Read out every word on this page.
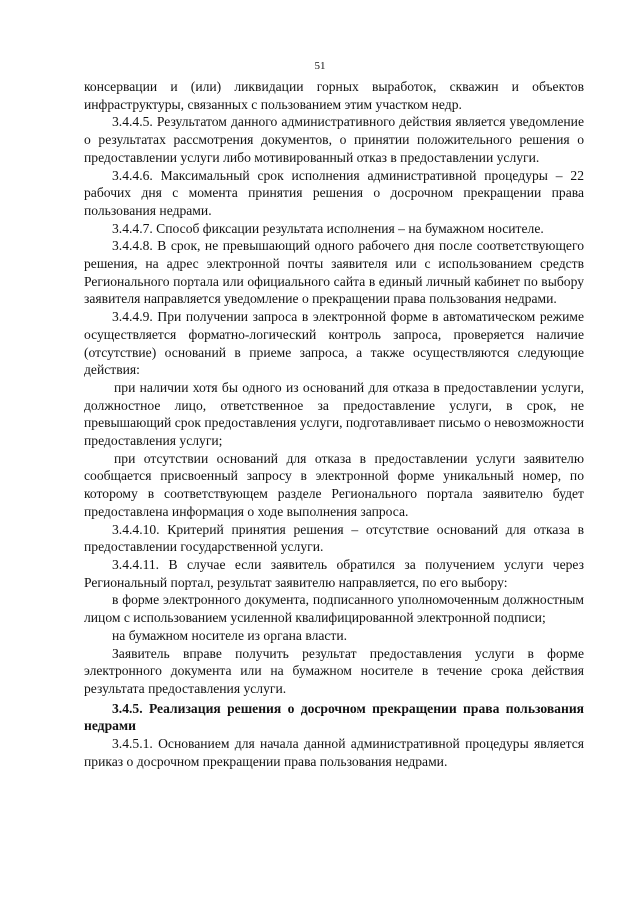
51

консервации и (или) ликвидации горных выработок, скважин и объектов инфраструктуры, связанных с пользованием этим участком недр.

3.4.4.5. Результатом данного административного действия является уведомление о результатах рассмотрения документов, о принятии положительного решения о предоставлении услуги либо мотивированный отказ в предоставлении услуги.

3.4.4.6. Максимальный срок исполнения административной процедуры – 22 рабочих дня с момента принятия решения о досрочном прекращении права пользования недрами.

3.4.4.7. Способ фиксации результата исполнения – на бумажном носителе.

3.4.4.8. В срок, не превышающий одного рабочего дня после соответствующего решения, на адрес электронной почты заявителя или с использованием средств Регионального портала или официального сайта в единый личный кабинет по выбору заявителя направляется уведомление о прекращении права пользования недрами.

3.4.4.9. При получении запроса в электронной форме в автоматическом режиме осуществляется форматно-логический контроль запроса, проверяется наличие (отсутствие) оснований в приеме запроса, а также осуществляются следующие действия:

при наличии хотя бы одного из оснований для отказа в предоставлении услуги, должностное лицо, ответственное за предоставление услуги, в срок, не превышающий срок предоставления услуги, подготавливает письмо о невозможности предоставления услуги;

при отсутствии оснований для отказа в предоставлении услуги заявителю сообщается присвоенный запросу в электронной форме уникальный номер, по которому в соответствующем разделе Регионального портала заявителю будет предоставлена информация о ходе выполнения запроса.

3.4.4.10. Критерий принятия решения – отсутствие оснований для отказа в предоставлении государственной услуги.

3.4.4.11. В случае если заявитель обратился за получением услуги через Региональный портал, результат заявителю направляется, по его выбору:

в форме электронного документа, подписанного уполномоченным должностным лицом с использованием усиленной квалифицированной электронной подписи;

на бумажном носителе из органа власти.

Заявитель вправе получить результат предоставления услуги в форме электронного документа или на бумажном носителе в течение срока действия результата предоставления услуги.

3.4.5. Реализация решения о досрочном прекращении права пользования недрами

3.4.5.1. Основанием для начала данной административной процедуры является приказ о досрочном прекращении права пользования недрами.
